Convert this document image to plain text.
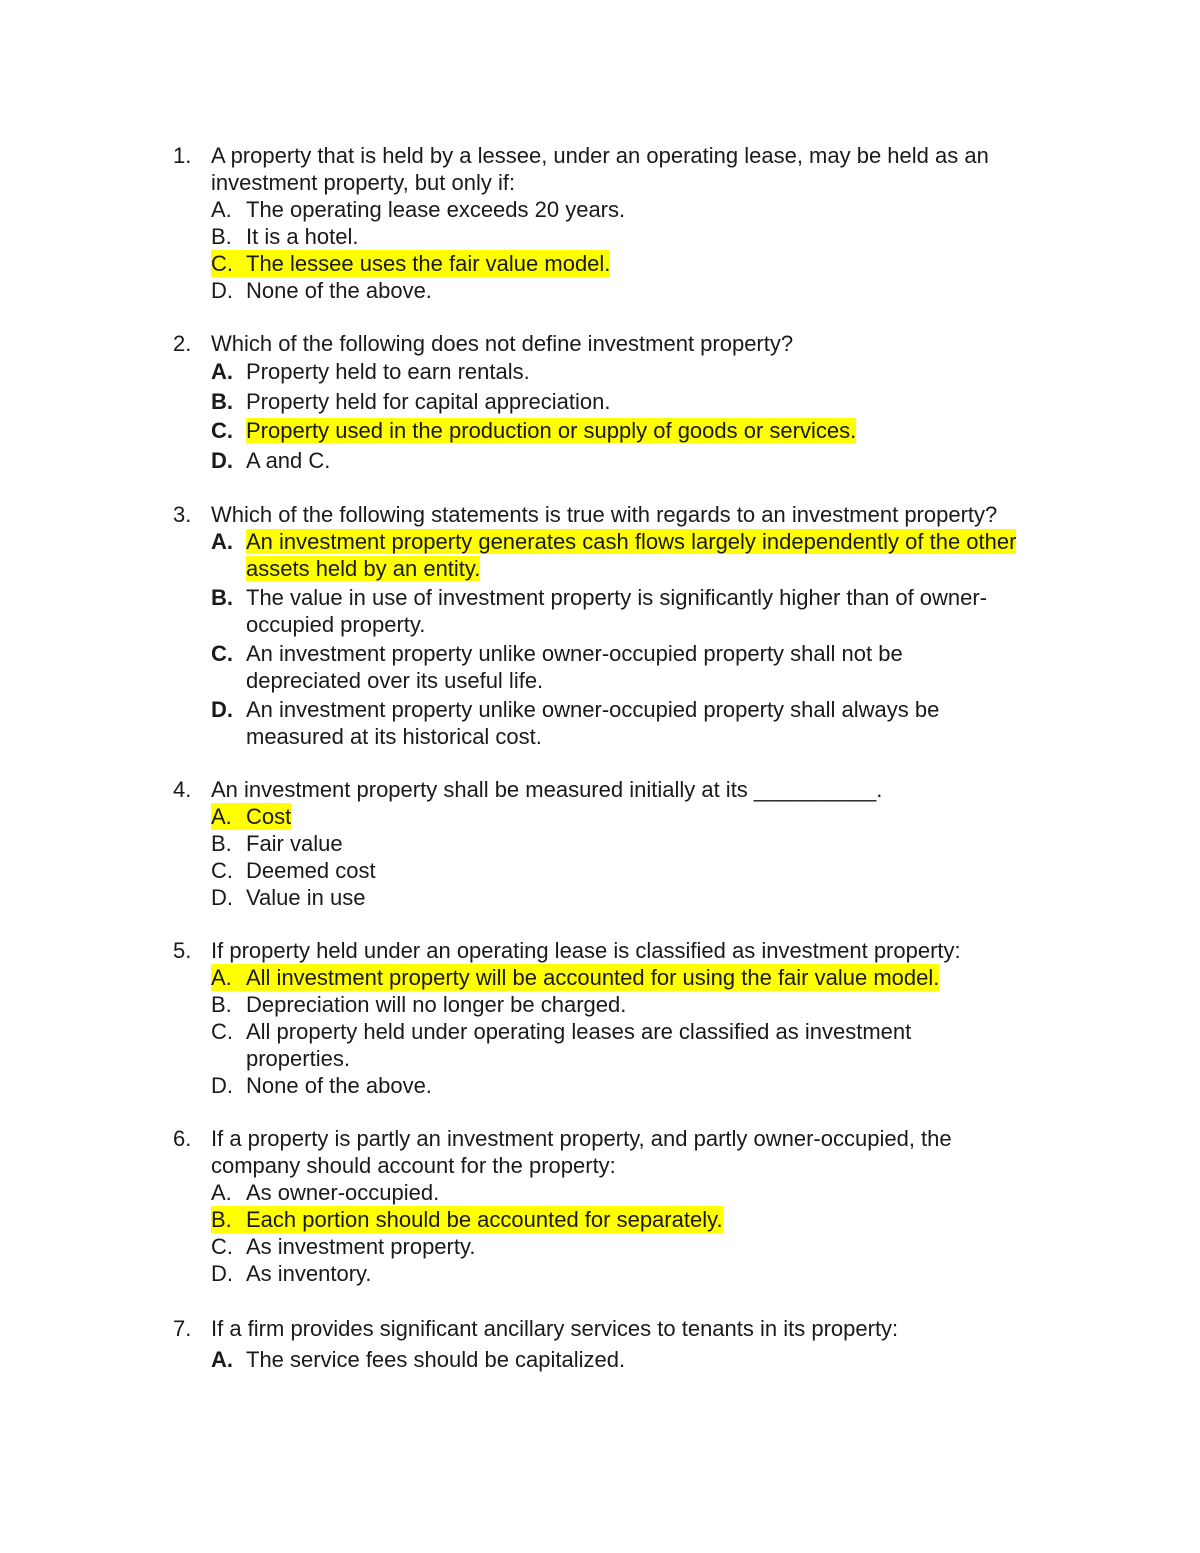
1. A property that is held by a lessee, under an operating lease, may be held as an investment property, but only if:
A. The operating lease exceeds 20 years.
B. It is a hotel.
C. The lessee uses the fair value model.
D. None of the above.
2. Which of the following does not define investment property?
A. Property held to earn rentals.
B. Property held for capital appreciation.
C. Property used in the production or supply of goods or services.
D. A and C.
3. Which of the following statements is true with regards to an investment property?
A. An investment property generates cash flows largely independently of the other assets held by an entity.
B. The value in use of investment property is significantly higher than of owner-occupied property.
C. An investment property unlike owner-occupied property shall not be depreciated over its useful life.
D. An investment property unlike owner-occupied property shall always be measured at its historical cost.
4. An investment property shall be measured initially at its __________.
A. Cost
B. Fair value
C. Deemed cost
D. Value in use
5. If property held under an operating lease is classified as investment property:
A. All investment property will be accounted for using the fair value model.
B. Depreciation will no longer be charged.
C. All property held under operating leases are classified as investment properties.
D. None of the above.
6. If a property is partly an investment property, and partly owner-occupied, the company should account for the property:
A. As owner-occupied.
B. Each portion should be accounted for separately.
C. As investment property.
D. As inventory.
7. If a firm provides significant ancillary services to tenants in its property:
A. The service fees should be capitalized.
